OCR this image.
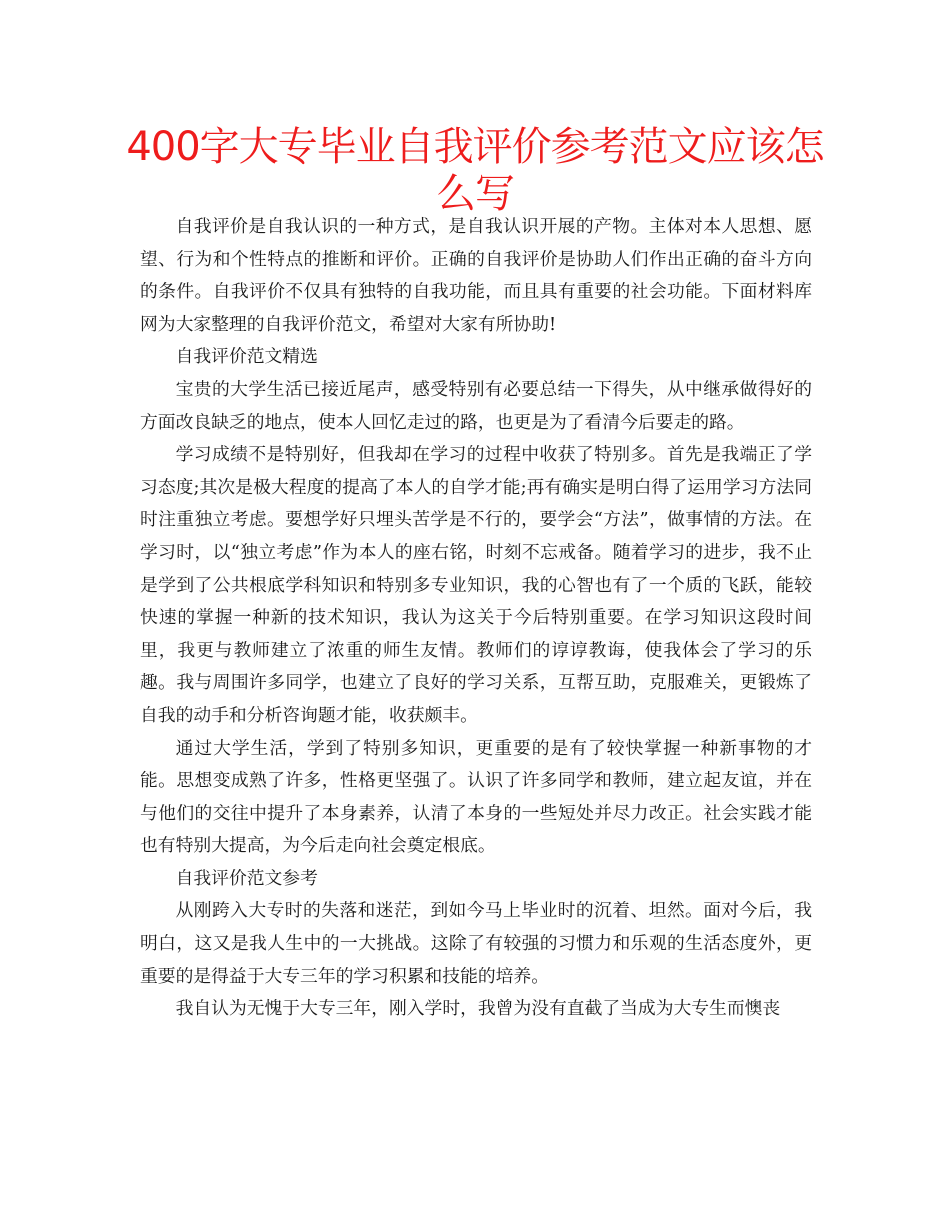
400字大专毕业自我评价参考范文应该怎么写

自我评价是自我认识的一种方式，是自我认识开展的产物。主体对本人思想、愿望、行为和个性特点的推断和评价。正确的自我评价是协助人们作出正确的奋斗方向的条件。自我评价不仅具有独特的自我功能，而且具有重要的社会功能。下面材料库网为大家整理的自我评价范文，希望对大家有所协助!

自我评价范文精选

宝贵的大学生活已接近尾声，感受特别有必要总结一下得失，从中继承做得好的方面改良缺乏的地点，使本人回忆走过的路，也更是为了看清今后要走的路。

学习成绩不是特别好，但我却在学习的过程中收获了特别多。首先是我端正了学习态度;其次是极大程度的提高了本人的自学才能;再有确实是明白得了运用学习方法同时注重独立考虑。要想学好只埋头苦学是不行的，要学会“方法”，做事情的方法。在学习时，以“独立考虑”作为本人的座右铭，时刻不忘戒备。随着学习的进步，我不止是学到了公共根底学科知识和特别多专业知识，我的心智也有了一个质的飞跃，能较快速的掌握一种新的技术知识，我认为这关于今后特别重要。在学习知识这段时间里，我更与教师建立了浓重的师生友情。教师们的谆谆教诲，使我体会了学习的乐趣。我与周围许多同学，也建立了良好的学习关系，互帮互助，克服难关，更锻炼了自我的动手和分析咨询题才能，收获颇丰。

通过大学生活，学到了特别多知识，更重要的是有了较快掌握一种新事物的才能。思想变成熟了许多，性格更坚强了。认识了许多同学和教师，建立起友谊，并在与他们的交往中提升了本身素养，认清了本身的一些短处并尽力改正。社会实践才能也有特别大提高，为今后走向社会奠定根底。

自我评价范文参考

从刚跨入大专时的失落和迷茫，到如今马上毕业时的沉着、坦然。面对今后，我明白，这又是我人生中的一大挑战。这除了有较强的习惯力和乐观的生活态度外，更重要的是得益于大专三年的学习积累和技能的培养。

我自认为无愧于大专三年，刚入学时，我曾为没有直截了当成为大专生而懊丧
